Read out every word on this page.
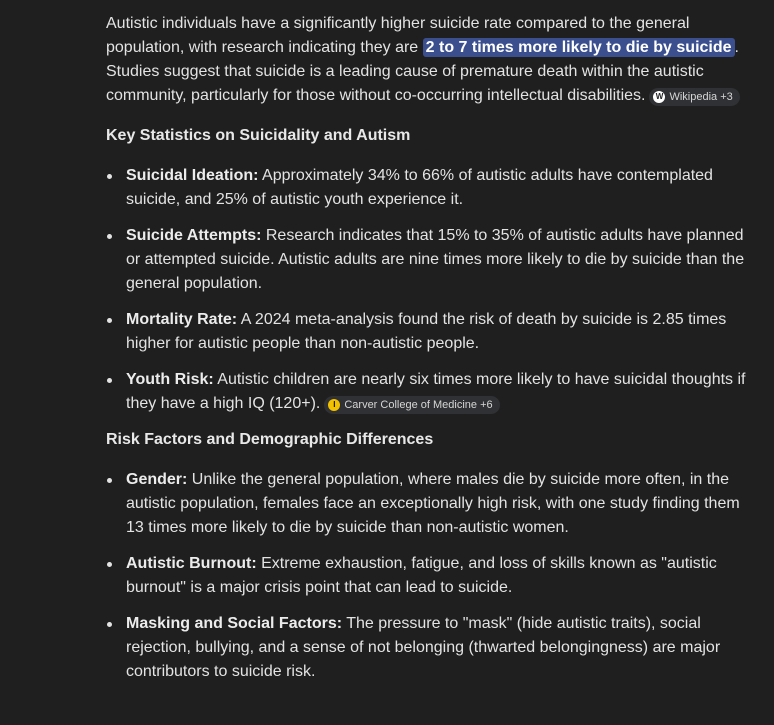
Autistic individuals have a significantly higher suicide rate compared to the general population, with research indicating they are 2 to 7 times more likely to die by suicide . Studies suggest that suicide is a leading cause of premature death within the autistic community, particularly for those without co-occurring intellectual disabilities. W Wikipedia +3

Key Statistics on Suicidality and Autism
Suicidal Ideation: Approximately 34% to 66% of autistic adults have contemplated suicide, and 25% of autistic youth experience it.
Suicide Attempts: Research indicates that 15% to 35% of autistic adults have planned or attempted suicide. Autistic adults are nine times more likely to die by suicide than the general population.
Mortality Rate: A 2024 meta-analysis found the risk of death by suicide is 2.85 times higher for autistic people than non-autistic people.
Youth Risk: Autistic children are nearly six times more likely to have suicidal thoughts if they have a high IQ (120+).	I Carver College of Medicine +6
Risk Factors and Demographic Differences
Gender: Unlike the general population, where males die by suicide more often, in the autistic population, females face an exceptionally high risk, with one study finding them 13 times more likely to die by suicide than non-autistic women.
Autistic Burnout: Extreme exhaustion, fatigue, and loss of skills known as "autistic burnout" is a major crisis point that can lead to suicide.
Masking and Social Factors: The pressure to "mask" (hide autistic traits), social rejection, bullying, and a sense of not belonging (thwarted belongingness) are major contributors to suicide risk.
